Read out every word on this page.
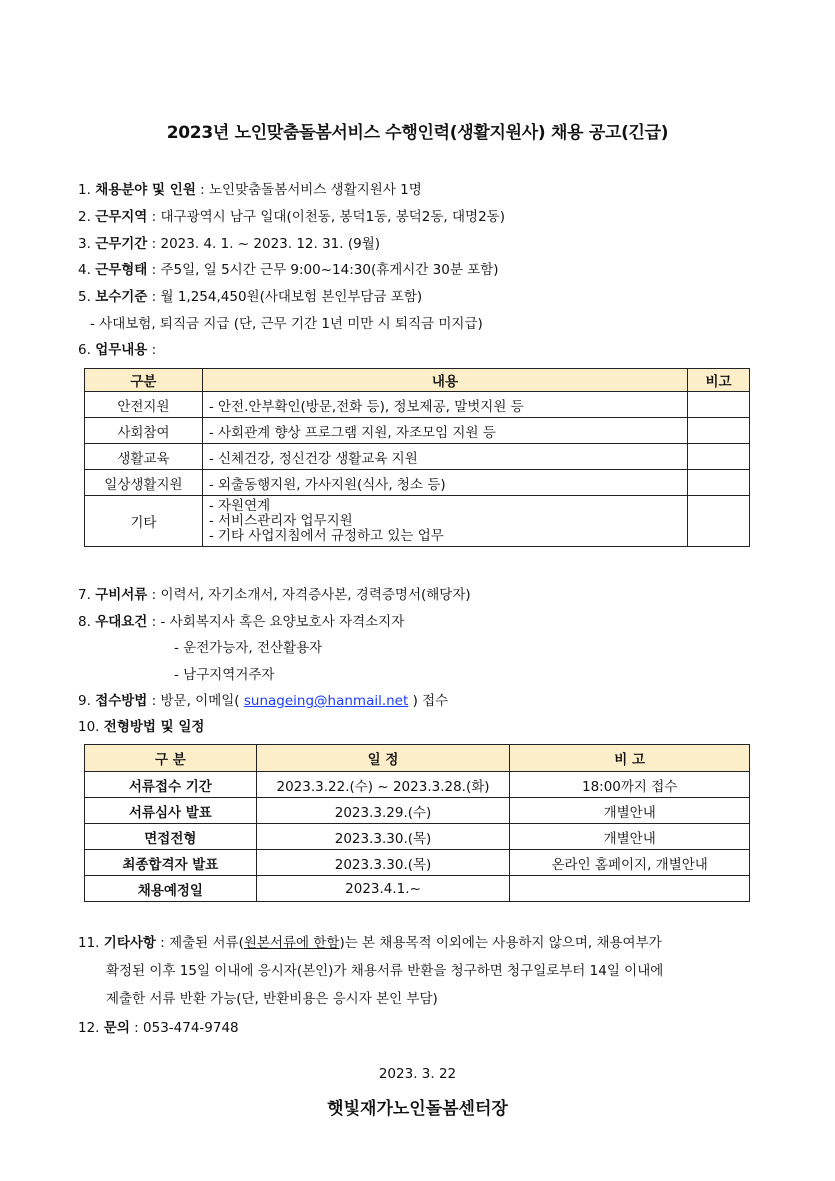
2023년 노인맞춤돌봄서비스 수행인력(생활지원사) 채용 공고(긴급)
1. 채용분야 및 인원 : 노인맞춤돌봄서비스 생활지원사 1명
2. 근무지역 : 대구광역시 남구 일대(이천동, 봉덕1동, 봉덕2동, 대명2동)
3. 근무기간 : 2023. 4. 1. ~ 2023. 12. 31. (9월)
4. 근무형태 : 주5일, 일 5시간 근무 9:00~14:30(휴게시간 30분 포함)
5. 보수기준 : 월 1,254,450원(사대보험 본인부담금 포함)
- 사대보험, 퇴직금 지급 (단, 근무 기간 1년 미만 시 퇴직금 미지급)
6. 업무내용 :
구분	내용	비고
안전지원	- 안전.안부확인(방문,전화 등), 정보제공, 말벗지원 등	
사회참여	- 사회관계 향상 프로그램 지원, 자조모임 지원 등	
생활교육	- 신체건강, 정신건강 생활교육 지원	
일상생활지원	- 외출동행지원, 가사지원(식사, 청소 등)	
기타	- 자원연계
- 서비스관리자 업무지원
- 기타 사업지침에서 규정하고 있는 업무	

7. 구비서류 : 이력서, 자기소개서, 자격증사본, 경력증명서(해당자)
8. 우대요건 : - 사회복지사 혹은 요양보호사 자격소지자
- 운전가능자, 전산활용자
- 남구지역거주자
9. 접수방법 : 방문, 이메일( sunageing@hanmail.net ) 접수
10. 전형방법 및 일정
구 분	일 정	비 고
서류접수 기간	2023.3.22.(수) ~ 2023.3.28.(화)	18:00까지 접수
서류심사 발표	2023.3.29.(수)	개별안내
면접전형	2023.3.30.(목)	개별안내
최종합격자 발표	2023.3.30.(목)	온라인 홈페이지, 개별안내
채용예정일	2023.4.1.~	
11. 기타사항 : 제출된 서류(원본서류에 한함)는 본 채용목적 이외에는 사용하지 않으며, 채용여부가
확정된 이후 15일 이내에 응시자(본인)가 채용서류 반환을 청구하면 청구일로부터 14일 이내에
제출한 서류 반환 가능(단, 반환비용은 응시자 본인 부담)
12. 문의 : 053-474-9748
2023. 3. 22
햇빛재가노인돌봄센터장
